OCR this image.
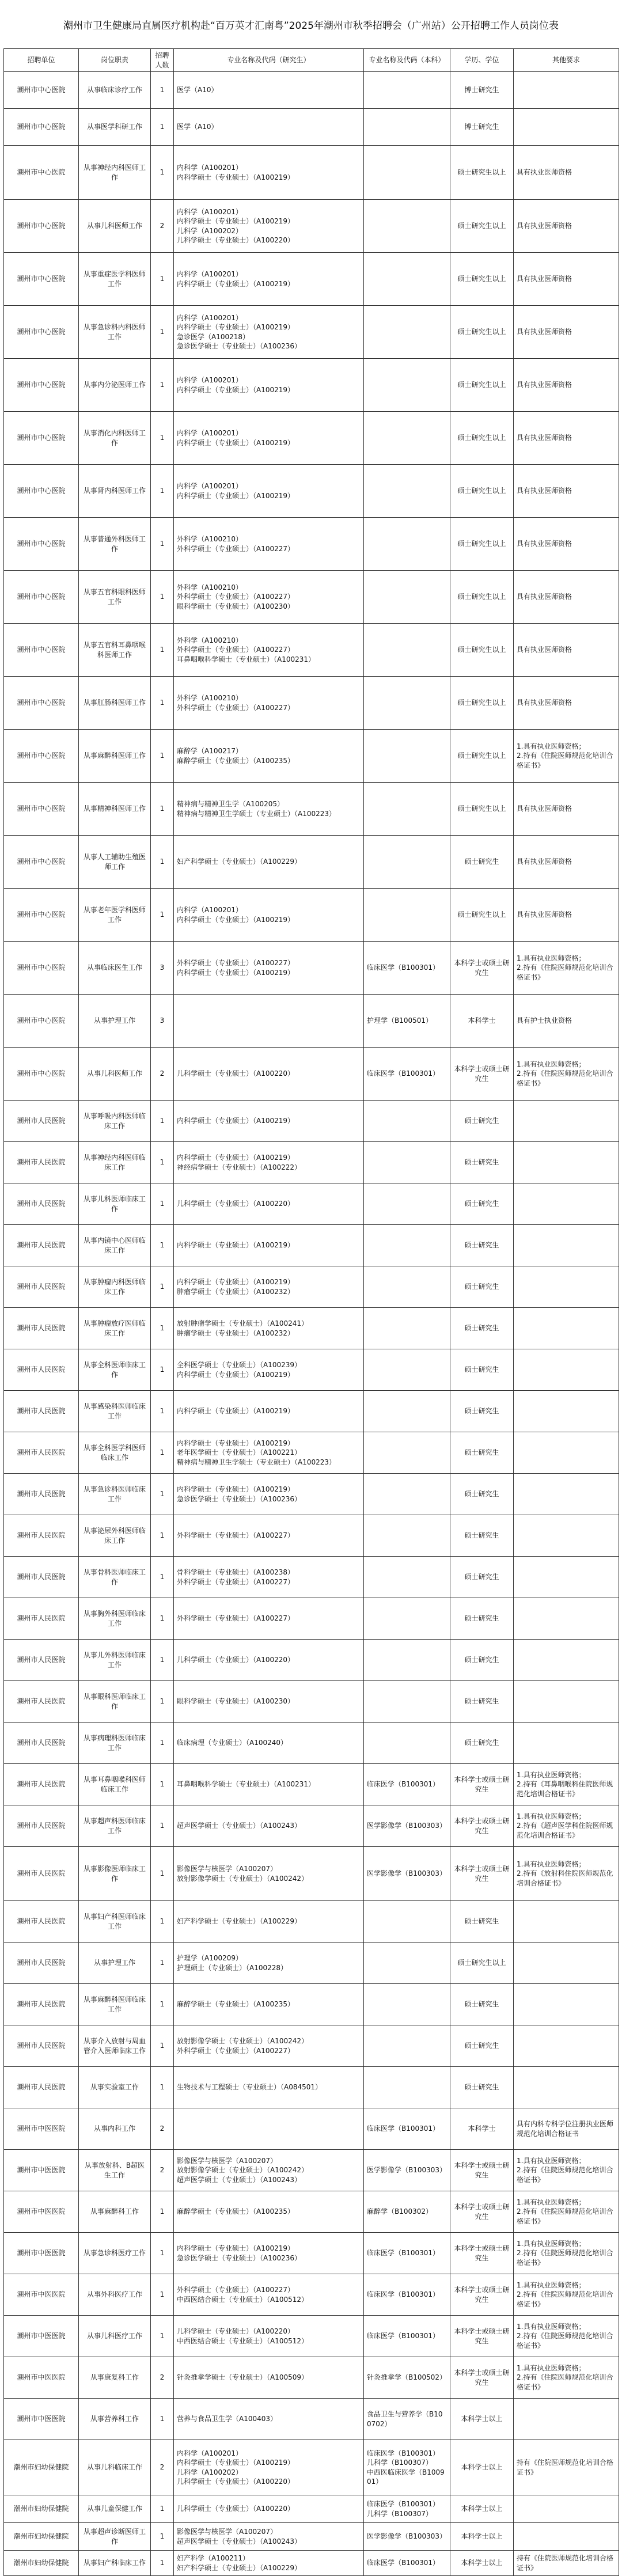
潮州市卫生健康局直属医疗机构赴“百万英才汇南粤”2025年潮州市秋季招聘会（广州站）公开招聘工作人员岗位表
招聘单位	岗位职责	招聘人数	专业名称及代码（研究生）	专业名称及代码（本科）	学历、学位	其他要求
潮州市中心医院	从事临床诊疗工作	1	医学（A10）		博士研究生	
潮州市中心医院	从事医学科研工作	1	医学（A10）		博士研究生	
潮州市中心医院	从事神经内科医师工作	1	内科学（A100201）
内科学硕士（专业硕士）（A100219）		硕士研究生以上	具有执业医师资格
潮州市中心医院	从事儿科医师工作	2	内科学（A100201）
内科学硕士（专业硕士）（A100219）
儿科学（A100202）
儿科学硕士（专业硕士）（A100220）		硕士研究生以上	具有执业医师资格
潮州市中心医院	从事重症医学科医师工作	1	内科学（A100201）
内科学硕士（专业硕士）（A100219）		硕士研究生以上	具有执业医师资格
潮州市中心医院	从事急诊科内科医师工作	1	内科学（A100201）
内科学硕士（专业硕士）（A100219）
急诊医学（A100218）
急诊医学硕士（专业硕士）（A100236）		硕士研究生以上	具有执业医师资格
潮州市中心医院	从事内分泌医师工作	1	内科学（A100201）
内科学硕士（专业硕士）（A100219）		硕士研究生以上	具有执业医师资格
潮州市中心医院	从事消化内科医师工作	1	内科学（A100201）
内科学硕士（专业硕士）（A100219）		硕士研究生以上	具有执业医师资格
潮州市中心医院	从事肾内科医师工作	1	内科学（A100201）
内科学硕士（专业硕士）（A100219）		硕士研究生以上	具有执业医师资格
潮州市中心医院	从事普通外科医师工作	1	外科学（A100210）
外科学硕士（专业硕士）（A100227）		硕士研究生以上	具有执业医师资格
潮州市中心医院	从事五官科眼科医师工作	1	外科学（A100210）
外科学硕士（专业硕士）（A100227）
眼科学硕士（专业硕士）（A100230）		硕士研究生以上	具有执业医师资格
潮州市中心医院	从事五官科耳鼻咽喉科医师工作	1	外科学（A100210）
外科学硕士（专业硕士）（A100227）
耳鼻咽喉科学硕士（专业硕士）（A100231）		硕士研究生以上	具有执业医师资格
潮州市中心医院	从事肛肠科医师工作	1	外科学（A100210）
外科学硕士（专业硕士）（A100227）		硕士研究生以上	具有执业医师资格
潮州市中心医院	从事麻醉科医师工作	1	麻醉学（A100217）
麻醉学硕士（专业硕士）（A100235）		硕士研究生以上	1.具有执业医师资格；
2.持有《住院医师规范化培训合格证书》
潮州市中心医院	从事精神科医师工作	1	精神病与精神卫生学（A100205）
精神病与精神卫生学硕士（专业硕士）（A100223）		硕士研究生以上	具有执业医师资格
潮州市中心医院	从事人工辅助生殖医师工作	1	妇产科学硕士（专业硕士）（A100229）		硕士研究生	具有执业医师资格
潮州市中心医院	从事老年医学科医师工作	1	内科学（A100201）
内科学硕士（专业硕士）（A100219）		硕士研究生以上	具有执业医师资格
潮州市中心医院	从事临床医生工作	3	外科学硕士（专业硕士）（A100227）
内科学硕士（专业硕士）（A100219）	临床医学（B100301）	本科学士或硕士研究生	1.具有执业医师资格；
2.持有《住院医师规范化培训合格证书》
潮州市中心医院	从事护理工作	3		护理学（B100501）	本科学士	具有护士执业资格
潮州市中心医院	从事儿科医师工作	2	儿科学硕士（专业硕士）（A100220）	临床医学（B100301）	本科学士或硕士研究生	1.具有执业医师资格；
2.持有《住院医师规范化培训合格证书》
潮州市人民医院	从事呼吸内科医师临床工作	1	内科学硕士（专业硕士）（A100219）		硕士研究生	
潮州市人民医院	从事神经内科医师临床工作	1	内科学硕士（专业硕士）（A100219）
神经病学硕士（专业硕士）（A100222）		硕士研究生	
潮州市人民医院	从事儿科医师临床工作	1	儿科学硕士（专业硕士）（A100220）		硕士研究生	
潮州市人民医院	从事内镜中心医师临床工作	1	内科学硕士（专业硕士）（A100219）		硕士研究生	
潮州市人民医院	从事肿瘤内科医师临床工作	1	内科学硕士（专业硕士）（A100219）
肿瘤学硕士（专业硕士）（A100232）		硕士研究生	
潮州市人民医院	从事肿瘤放疗医师临床工作	1	放射肿瘤学硕士（专业硕士）（A100241）
肿瘤学硕士（专业硕士）（A100232）		硕士研究生	
潮州市人民医院	从事全科医师临床工作	1	全科医学硕士（专业硕士）（A100239）
内科学硕士（专业硕士）（A100219）		硕士研究生	
潮州市人民医院	从事感染科医师临床工作	1	内科学硕士（专业硕士）（A100219）		硕士研究生	
潮州市人民医院	从事全科医学科医师临床工作	1	内科学硕士（专业硕士）（A100219）
老年医学硕士（专业硕士）（A100221）
精神病与精神卫生学硕士（专业硕士）（A100223）		硕士研究生	
潮州市人民医院	从事急诊科医师临床工作	1	内科学硕士（专业硕士）（A100219）
急诊医学硕士（专业硕士）（A100236）		硕士研究生	
潮州市人民医院	从事泌尿外科医师临床工作	1	外科学硕士（专业硕士）（A100227）		硕士研究生	
潮州市人民医院	从事骨科医师临床工作	1	骨科学硕士（专业硕士）（A100238）
外科学硕士（专业硕士）（A100227）		硕士研究生	
潮州市人民医院	从事胸外科医师临床工作	1	外科学硕士（专业硕士）（A100227）		硕士研究生	
潮州市人民医院	从事儿外科医师临床工作	1	儿科学硕士（专业硕士）（A100220）		硕士研究生	
潮州市人民医院	从事眼科医师临床工作	1	眼科学硕士（专业硕士）（A100230）		硕士研究生	
潮州市人民医院	从事病理科医师临床工作	1	临床病理（专业硕士）（A100240）		硕士研究生	
潮州市人民医院	从事耳鼻咽喉科医师临床工作	1	耳鼻咽喉科学硕士（专业硕士）（A100231）	临床医学（B100301）	本科学士或硕士研究生	1.具有执业医师资格；
2.持有《耳鼻咽喉科住院医师规范化培训合格证书》
潮州市人民医院	从事超声科医师临床工作	1	超声医学硕士（专业硕士）（A100243）	医学影像学（B100303）	本科学士或硕士研究生	1.具有执业医师资格；
2.持有《超声医学科住院医师规范化培训合格证书》
潮州市人民医院	从事影像医师临床工作	1	影像医学与核医学（A100207）
放射影像学硕士（专业硕士）（A100242）	医学影像学（B100303）	本科学士或硕士研究生	1.具有执业医师资格；
2.持有《放射科住院医师规范化培训合格证书》
潮州市人民医院	从事妇产科医师临床工作	1	妇产科学硕士（专业硕士）（A100229）		硕士研究生	
潮州市人民医院	从事护理工作	1	护理学（A100209）
护理硕士（专业硕士）（A100228）		硕士研究生以上	
潮州市人民医院	从事麻醉科医师临床工作	1	麻醉学硕士（专业硕士）（A100235）		硕士研究生	
潮州市人民医院	从事介入放射与周血管介入医师临床工作	1	放射影像学硕士（专业硕士）（A100242）
外科学硕士（专业硕士）（A100227）		硕士研究生	
潮州市人民医院	从事实验室工作	1	生物技术与工程硕士（专业硕士）（A084501）		硕士研究生	
潮州市中医医院	从事内科工作	2		临床医学（B100301）	本科学士	具有内科专科学位注册执业医师规范化培训合格证书
潮州市中医医院	从事放射科、B超医生工作	2	影像医学与核医学（A100207）
放射影像学硕士（专业硕士）（A100242）
超声医学硕士（专业硕士）（A100243）	医学影像学（B100303）	本科学士或硕士研究生	1.具有执业医师资格；
2.持有《住院医师规范化培训合格证书》
潮州市中医医院	从事麻醉科工作	1	麻醉学硕士（专业硕士）（A100235）	麻醉学（B100302）	本科学士或硕士研究生	1.具有执业医师资格；
2.持有《住院医师规范化培训合格证书》
潮州市中医医院	从事急诊科医疗工作	1	内科学硕士（专业硕士）（A100219）
急诊医学硕士（专业硕士）（A100236）	临床医学（B100301）	本科学士或硕士研究生	1.具有执业医师资格；
2.持有《住院医师规范化培训合格证书》
潮州市中医医院	从事外科医疗工作	1	外科学硕士（专业硕士）（A100227）
中西医结合硕士（专业硕士）（A100512）	临床医学（B100301）	本科学士或硕士研究生	1.具有执业医师资格；
2.持有《住院医师规范化培训合格证书》
潮州市中医医院	从事儿科医疗工作	1	儿科学硕士（专业硕士）（A100220）
中西医结合硕士（专业硕士）（A100512）	临床医学（B100301）	本科学士或硕士研究生	1.具有执业医师资格；
2.持有《住院医师规范化培训合格证书》
潮州市中医医院	从事康复科工作	2	针灸推拿学硕士（专业硕士）（A100509）	针灸推拿学（B100502）	本科学士或硕士研究生	1.具有执业医师资格；
2.持有《住院医师规范化培训合格证书》
潮州市中医医院	从事营养科工作	1	营养与食品卫生学（A100403）	食品卫生与营养学（B100702）	本科学士以上	
潮州市妇幼保健院	从事儿科临床工作	2	内科学（A100201）
内科学硕士（专业硕士）（A100219）
儿科学（A100202）
儿科学硕士（专业硕士）（A100220）	临床医学（B100301）
儿科学（B100307）
中西医临床医学（B100901）	本科学士以上	持有《住院医师规范化培训合格证书》
潮州市妇幼保健院	从事儿童保健工作	1	儿科学硕士（专业硕士）（A100220）	临床医学（B100301）
儿科学（B100307）	本科学士以上	
潮州市妇幼保健院	从事超声诊断医师工作	1	影像医学与核医学（A100207）
超声医学硕士（专业硕士）（A100243）	医学影像学（B100303）	本科学士以上	
潮州市妇幼保健院	从事妇产科临床工作	1	妇产科学（A100211）
妇产科学硕士（专业硕士）（A100229）	临床医学（B100301）	本科学士以上	持有《住院医师规范化培训合格证书》
